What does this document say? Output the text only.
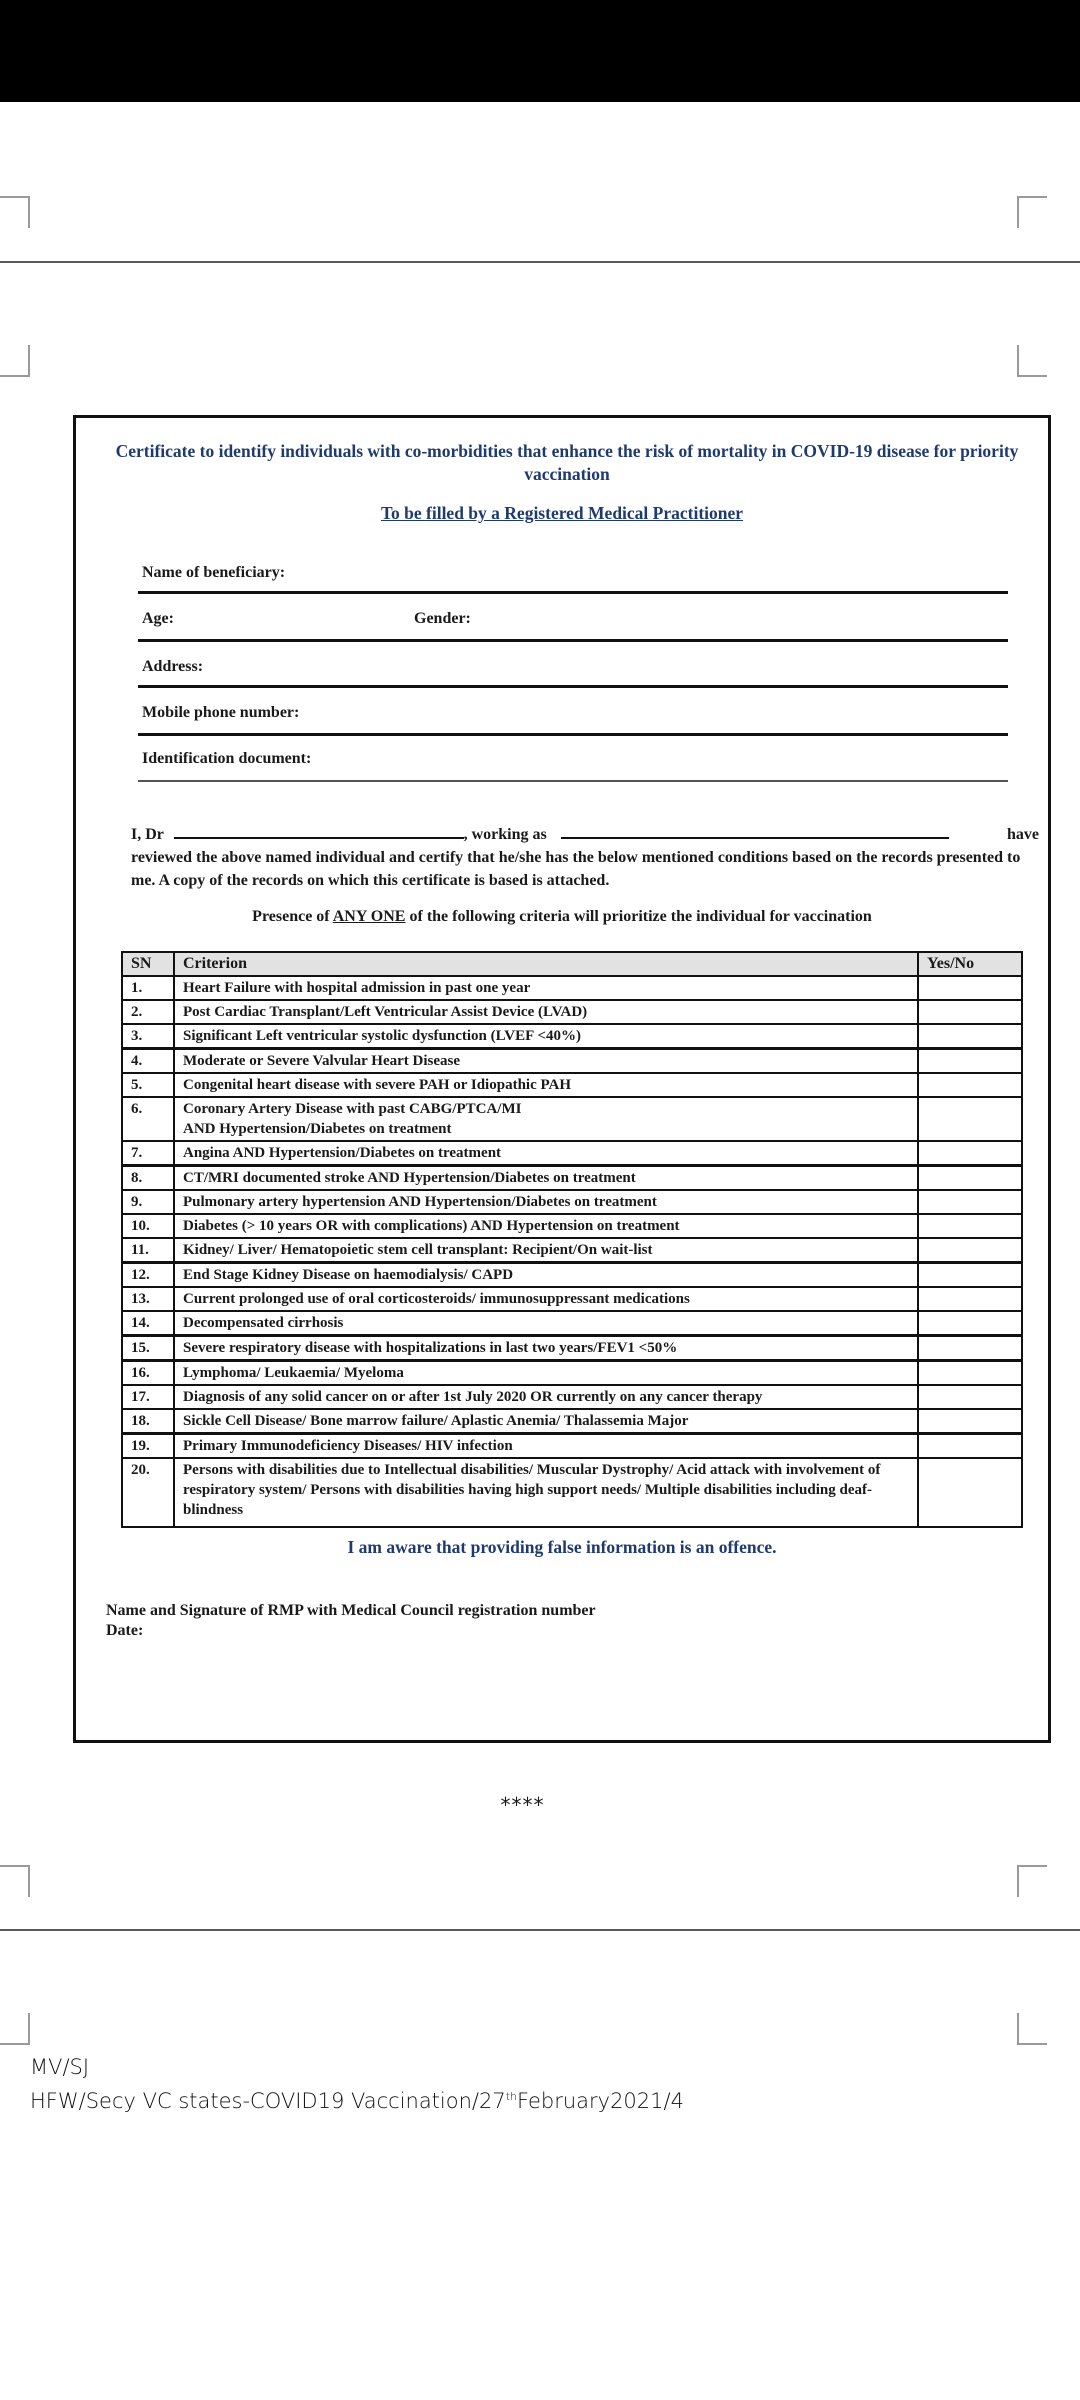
Certificate to identify individuals with co-morbidities that enhance the risk of mortality in COVID-19 disease for priority vaccination
To be filled by a Registered Medical Practitioner
Name of beneficiary:
Age:	Gender:
Address:
Mobile phone number:
Identification document:
I, Dr	, working as	have
reviewed the above named individual and certify that he/she has the below mentioned conditions based on the records presented to me. A copy of the records on which this certificate is based is attached.
Presence of ANY ONE of the following criteria will prioritize the individual for vaccination
SN	Criterion	Yes/No
1.	Heart Failure with hospital admission in past one year	
2.	Post Cardiac Transplant/Left Ventricular Assist Device (LVAD)	
3.	Significant Left ventricular systolic dysfunction (LVEF <40%)	
4.	Moderate or Severe Valvular Heart Disease	
5.	Congenital heart disease with severe PAH or Idiopathic PAH	
6.	Coronary Artery Disease with past CABG/PTCA/MI
AND Hypertension/Diabetes on treatment	

7.	Angina AND Hypertension/Diabetes on treatment	
8.	CT/MRI documented stroke AND Hypertension/Diabetes on treatment	
9.	Pulmonary artery hypertension AND Hypertension/Diabetes on treatment	
10.	Diabetes (> 10 years OR with complications) AND Hypertension on treatment	
11.	Kidney/ Liver/ Hematopoietic stem cell transplant: Recipient/On wait-list	
12.	End Stage Kidney Disease on haemodialysis/ CAPD	
13.	Current prolonged use of oral corticosteroids/ immunosuppressant medications	
14.	Decompensated cirrhosis	
15.	Severe respiratory disease with hospitalizations in last two years/FEV1 <50%	
16.	Lymphoma/ Leukaemia/ Myeloma	
17.	Diagnosis of any solid cancer on or after 1st July 2020 OR currently on any cancer therapy	
18.	Sickle Cell Disease/ Bone marrow failure/ Aplastic Anemia/ Thalassemia Major	
19.	Primary Immunodeficiency Diseases/ HIV infection	
20.	Persons with disabilities due to Intellectual disabilities/ Muscular Dystrophy/ Acid attack with involvement of respiratory system/ Persons with disabilities having high support needs/ Multiple disabilities including deaf-blindness	
I am aware that providing false information is an offence.
Name and Signature of RMP with Medical Council registration number
Date:
****
MV/SJ
HFW/Secy VC states-COVID19 Vaccination/27thFebruary2021/4
